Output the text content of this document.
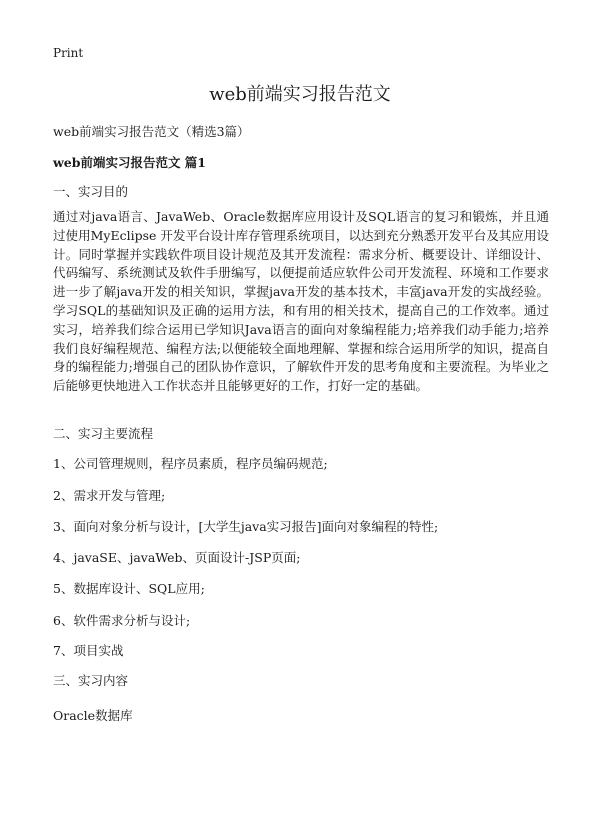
Print
web前端实习报告范文
web前端实习报告范文（精选3篇）
web前端实习报告范文 篇1
一、实习目的

通过对java语言、JavaWeb、Oracle数据库应用设计及SQL语言的复习和锻炼，并且通过使用MyEclipse 开发平台设计库存管理系统项目，以达到充分熟悉开发平台及其应用设计。同时掌握并实践软件项目设计规范及其开发流程：需求分析、概要设计、详细设计、代码编写、系统测试及软件手册编写，以便提前适应软件公司开发流程、环境和工作要求进一步了解java开发的相关知识，掌握java开发的基本技术，丰富java开发的实战经验。学习SQL的基础知识及正确的运用方法，和有用的相关技术，提高自己的工作效率。通过实习，培养我们综合运用已学知识Java语言的面向对象编程能力;培养我们动手能力;培养我们良好编程规范、编程方法;以便能较全面地理解、掌握和综合运用所学的知识，提高自身的编程能力;增强自己的团队协作意识，了解软件开发的思考角度和主要流程。为毕业之后能够更快地进入工作状态并且能够更好的工作，打好一定的基础。

二、实习主要流程
1、公司管理规则，程序员素质，程序员编码规范;
2、需求开发与管理;
3、面向对象分析与设计，[大学生java实习报告]面向对象编程的特性;
4、javaSE、javaWeb、页面设计-JSP页面;
5、数据库设计、SQL应用;
6、软件需求分析与设计;
7、项目实战
三、实习内容
Oracle数据库
